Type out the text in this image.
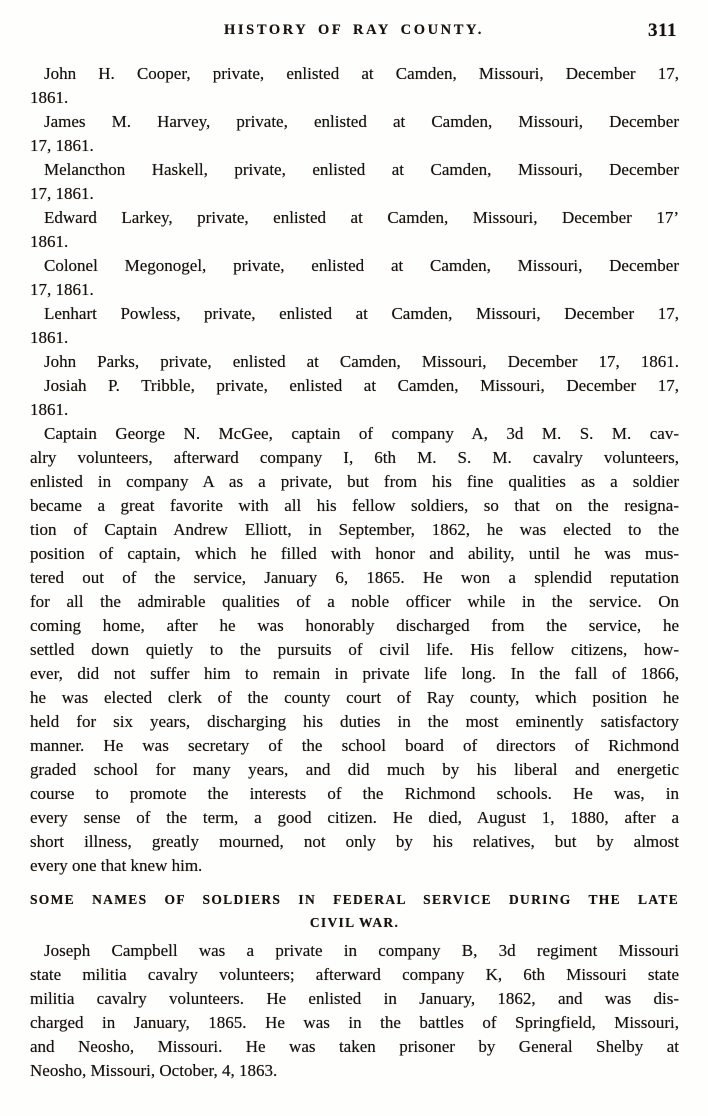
HISTORY OF RAY COUNTY.	311
John H. Cooper, private, enlisted at Camden, Missouri, December 17,
1861.
James M. Harvey, private, enlisted at Camden, Missouri, December
17, 1861.
Melancthon Haskell, private, enlisted at Camden, Missouri, December
17, 1861.
Edward Larkey, private, enlisted at Camden, Missouri, December 17’
1861.
Colonel Megonogel, private, enlisted at Camden, Missouri, December
17, 1861.
Lenhart Powless, private, enlisted at Camden, Missouri, December 17,
1861.
John Parks, private, enlisted at Camden, Missouri, December 17, 1861.
Josiah P. Tribble, private, enlisted at Camden, Missouri, December 17,
1861.
Captain George N. McGee, captain of company A, 3d M. S. M. cav-
alry volunteers, afterward company I, 6th M. S. M. cavalry volunteers,
enlisted in company A as a private, but from his fine qualities as a soldier
became a great favorite with all his fellow soldiers, so that on the resigna-
tion of Captain Andrew Elliott, in September, 1862, he was elected to the
position of captain, which he filled with honor and ability, until he was mus-
tered out of the service, January 6, 1865. He won a splendid reputation
for all the admirable qualities of a noble officer while in the service. On
coming home, after he was honorably discharged from the service, he
settled down quietly to the pursuits of civil life. His fellow citizens, how-
ever, did not suffer him to remain in private life long. In the fall of 1866,
he was elected clerk of the county court of Ray county, which position he
held for six years, discharging his duties in the most eminently satisfactory
manner. He was secretary of the school board of directors of Richmond
graded school for many years, and did much by his liberal and energetic
course to promote the interests of the Richmond schools. He was, in
every sense of the term, a good citizen. He died, August 1, 1880, after a
short illness, greatly mourned, not only by his relatives, but by almost
every one that knew him.
SOME NAMES OF SOLDIERS IN FEDERAL SERVICE DURING THE LATE
CIVIL WAR.
Joseph Campbell was a private in company B, 3d regiment Missouri
state militia cavalry volunteers; afterward company K, 6th Missouri state
militia cavalry volunteers. He enlisted in January, 1862, and was dis-
charged in January, 1865. He was in the battles of Springfield, Missouri,
and Neosho, Missouri. He was taken prisoner by General Shelby at
Neosho, Missouri, October, 4, 1863.
